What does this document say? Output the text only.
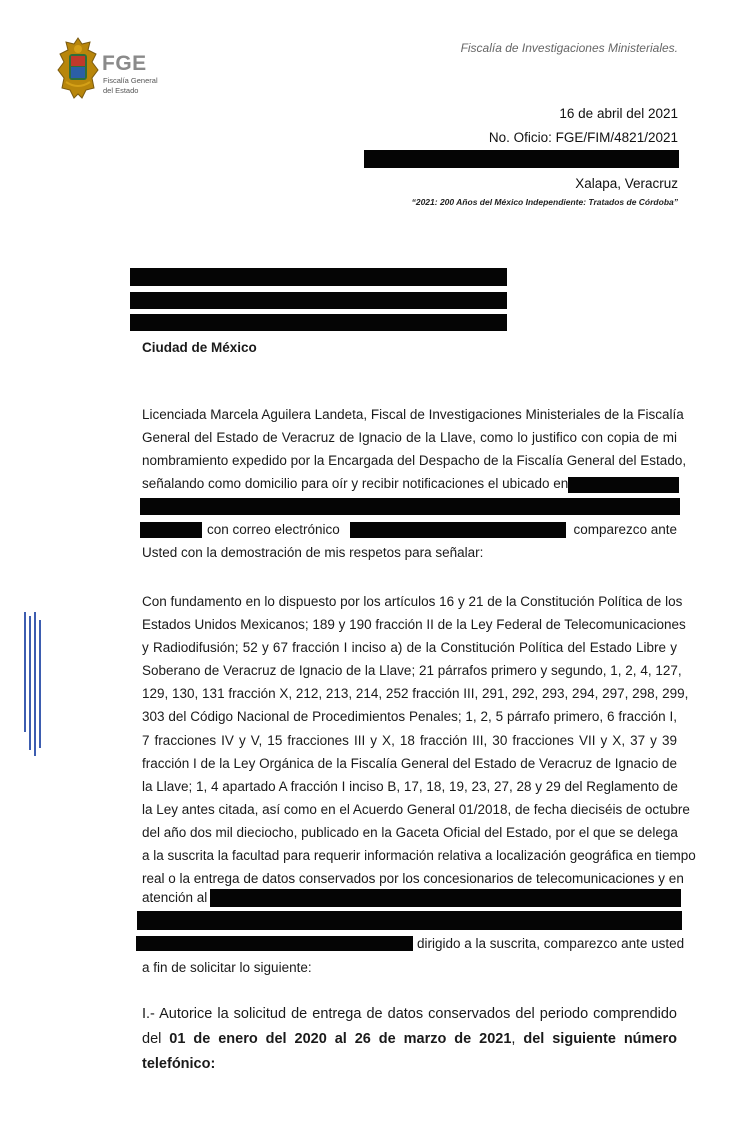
FGE
Fiscalía General
del Estado
Fiscalía de Investigaciones Ministeriales.
16 de abril del 2021
No. Oficio: FGE/FIM/4821/2021
Xalapa, Veracruz
“2021: 200 Años del México Independiente: Tratados de Córdoba”
Ciudad de México
Licenciada Marcela Aguilera Landeta, Fiscal de Investigaciones Ministeriales de la Fiscalía
General del Estado de Veracruz de Ignacio de la Llave, como lo justifico con copia de mi
nombramiento expedido por la Encargada del Despacho de la Fiscalía General del Estado,
señalando como domicilio para oír y recibir notificaciones el ubicado en
con correo electrónico	comparezco ante
Usted con la demostración de mis respetos para señalar:
Con fundamento en lo dispuesto por los artículos 16 y 21 de la Constitución Política de los
Estados Unidos Mexicanos; 189 y 190 fracción II de la Ley Federal de Telecomunicaciones
y Radiodifusión; 52 y 67 fracción I inciso a) de la Constitución Política del Estado Libre y
Soberano de Veracruz de Ignacio de la Llave; 21 párrafos primero y segundo, 1, 2, 4, 127,
129, 130, 131 fracción X, 212, 213, 214, 252 fracción III, 291, 292, 293, 294, 297, 298, 299,
303 del Código Nacional de Procedimientos Penales; 1, 2, 5 párrafo primero, 6 fracción I,
7 fracciones IV y V, 15 fracciones III y X, 18 fracción III, 30 fracciones VII y X, 37 y 39
fracción I de la Ley Orgánica de la Fiscalía General del Estado de Veracruz de Ignacio de
la Llave; 1, 4 apartado A fracción I inciso B, 17, 18, 19, 23, 27, 28 y 29 del Reglamento de
la Ley antes citada, así como en el Acuerdo General 01/2018, de fecha dieciséis de octubre
del año dos mil dieciocho, publicado en la Gaceta Oficial del Estado, por el que se delega
a la suscrita la facultad para requerir información relativa a localización geográfica en tiempo
real o la entrega de datos conservados por los concesionarios de telecomunicaciones y en
atención al
dirigido a la suscrita, comparezco ante usted
a fin de solicitar lo siguiente:
I.- Autorice la solicitud de entrega de datos conservados del periodo comprendido
del 01 de enero del 2020 al 26 de marzo de 2021, del siguiente número
telefónico:
